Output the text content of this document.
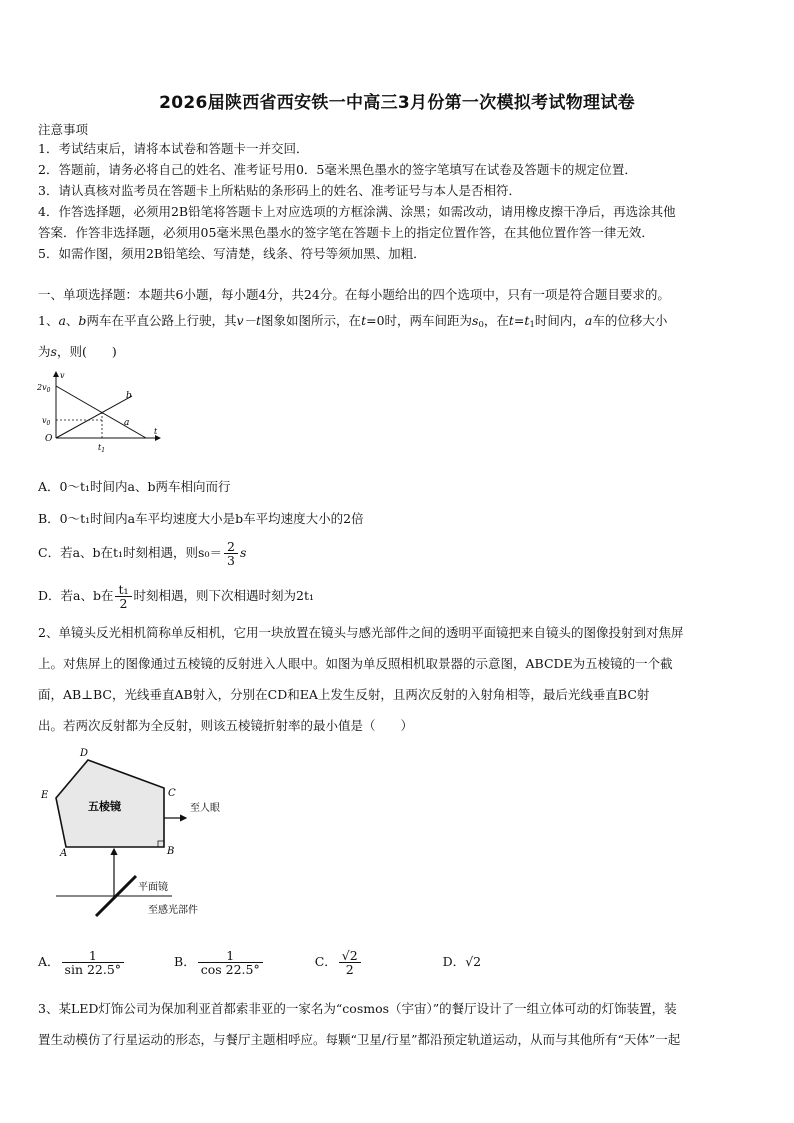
2026届陕西省西安铁一中高三3月份第一次模拟考试物理试卷
注意事项
1．考试结束后，请将本试卷和答题卡一并交回．
2．答题前，请务必将自己的姓名、准考证号用0．5毫米黑色墨水的签字笔填写在试卷及答题卡的规定位置．
3．请认真核对监考员在答题卡上所粘贴的条形码上的姓名、准考证号与本人是否相符．
4．作答选择题，必须用2B铅笔将答题卡上对应选项的方框涂满、涂黑；如需改动，请用橡皮擦干净后，再选涂其他
答案．作答非选择题，必须用05毫米黑色墨水的签字笔在答题卡上的指定位置作答，在其他位置作答一律无效．
5．如需作图，须用2B铅笔绘、写清楚，线条、符号等须加黑、加粗．
一、单项选择题：本题共6小题，每小题4分，共24分。在每小题给出的四个选项中，只有一项是符合题目要求的。
1、a、b两车在平直公路上行驶，其v－t图象如图所示，在t=0时，两车间距为$s_0$，在$t=t_1$时间内，a车的位移大小
为s，则(　　)
$2v_0$
$v_0$
v
t
O
$t_1$
b
a
A．0～t₁时间内a、b两车相向而行
B．0～t₁时间内a车平均速度大小是b车平均速度大小的2倍
C．若a、b在t₁时刻相遇，则$s_0= \frac{2}{3}$ s
D．若a、b在 $\frac{\text{t₁}}{2}$ 时刻相遇，则下次相遇时刻为2t₁
2、单镜头反光相机简称单反相机，它用一块放置在镜头与感光部件之间的透明平面镜把来自镜头的图像投射到对焦屏
上。对焦屏上的图像通过五棱镜的反射进入人眼中。如图为单反照相机取景器的示意图，ABCDE为五棱镜的一个截
面，AB⊥BC，光线垂直AB射入，分别在CD和EA上发生反射，且两次反射的入射角相等，最后光线垂直BC射
出。若两次反射都为全反射，则该五棱镜折射率的最小值是（　　）
五棱镜
D
E	C
A	B
至人眼
平面镜
至感光部件
A． $\frac{1}{\sin 22.5^\circ}$	B． $\frac{1}{\cos 22.5^\circ}$	C． $\frac{√2}{2}$	D．√2
3、某LED灯饰公司为保加利亚首都索非亚的一家名为“cosmos（宇宙）”的餐厅设计了一组立体可动的灯饰装置，装
置生动模仿了行星运动的形态，与餐厅主题相呼应。每颗“卫星/行星”都沿预定轨道运动，从而与其他所有“天体”一起
